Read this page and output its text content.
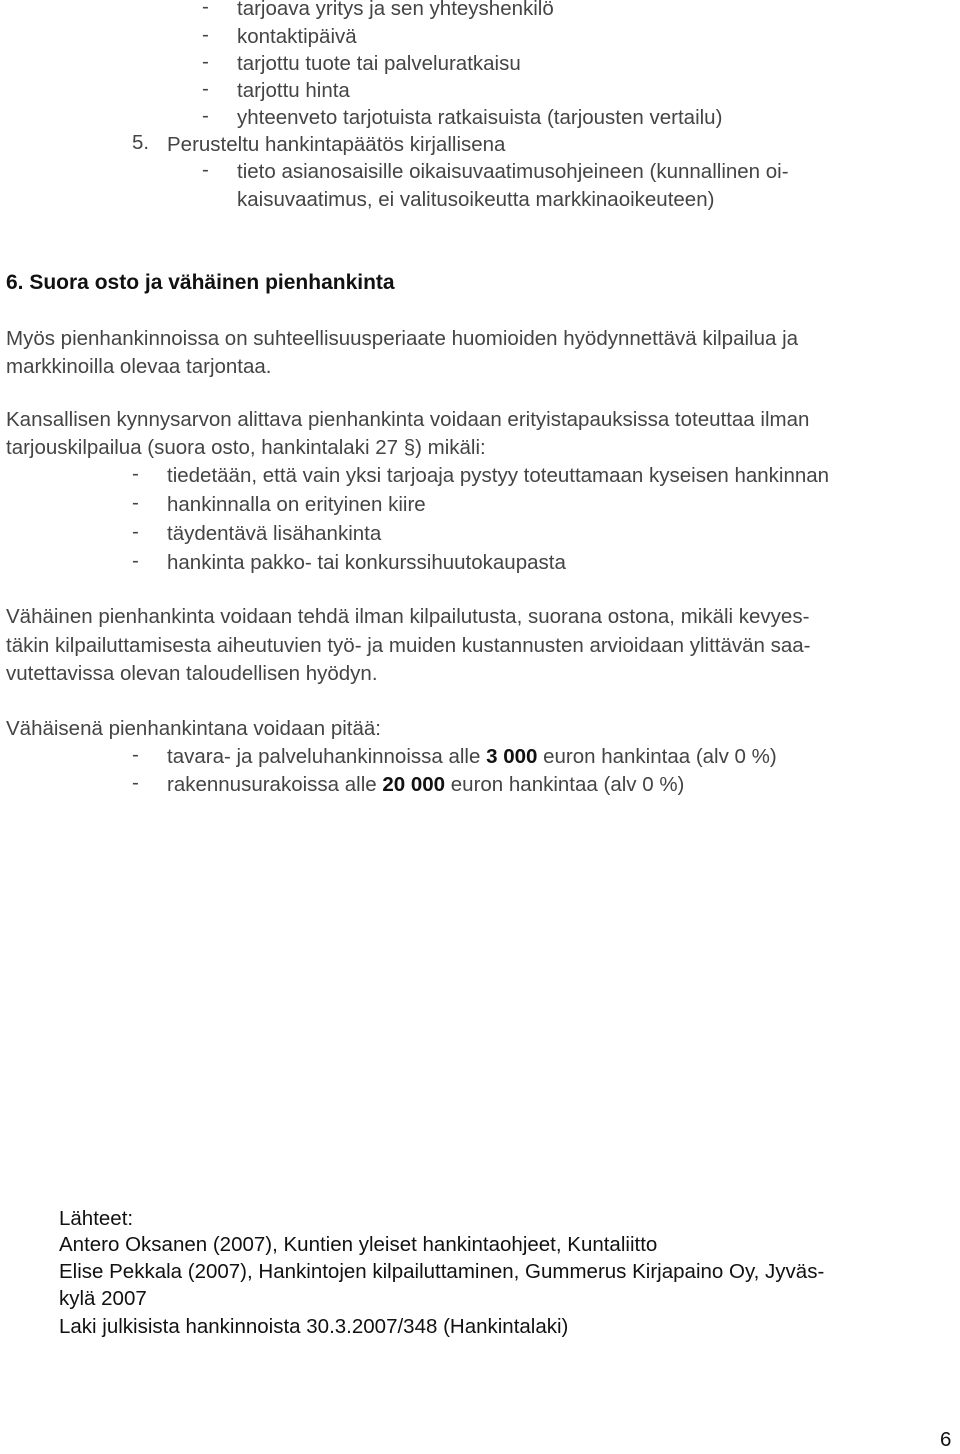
- tarjoava yritys ja sen yhteyshenkilö
- kontaktipäivä
- tarjottu tuote tai palveluratkaisu
- tarjottu hinta
- yhteenveto tarjotuista ratkaisuista (tarjousten vertailu)
5. Perusteltu hankintapäätös kirjallisena
- tieto asianosaisille oikaisuvaatimusohjeineen (kunnallinen oi-
kaisuvaatimus, ei valitusoikeutta markkinaoikeuteen)
6. Suora osto ja vähäinen pienhankinta
Myös pienhankinnoissa on suhteellisuusperiaate huomioiden hyödynnettävä kilpailua ja
markkinoilla olevaa tarjontaa.
Kansallisen kynnysarvon alittava pienhankinta voidaan erityistapauksissa toteuttaa ilman
tarjouskilpailua (suora osto, hankintalaki 27 §) mikäli:
- tiedetään, että vain yksi tarjoaja pystyy toteuttamaan kyseisen hankinnan
- hankinnalla on erityinen kiire
- täydentävä lisähankinta
- hankinta pakko- tai konkurssihuutokaupasta
Vähäinen pienhankinta voidaan tehdä ilman kilpailutusta, suorana ostona, mikäli kevyes-
täkin kilpailuttamisesta aiheutuvien työ- ja muiden kustannusten arvioidaan ylittävän saa-
vutettavissa olevan taloudellisen hyödyn.
Vähäisenä pienhankintana voidaan pitää:
- tavara- ja palveluhankinnoissa alle 3 000 euron hankintaa (alv 0 %)
- rakennusurakoissa alle 20 000 euron hankintaa (alv 0 %)
Lähteet:
Antero Oksanen (2007), Kuntien yleiset hankintaohjeet, Kuntaliitto
Elise Pekkala (2007), Hankintojen kilpailuttaminen, Gummerus Kirjapaino Oy, Jyväs-
kylä 2007
Laki julkisista hankinnoista 30.3.2007/348 (Hankintalaki)
6
